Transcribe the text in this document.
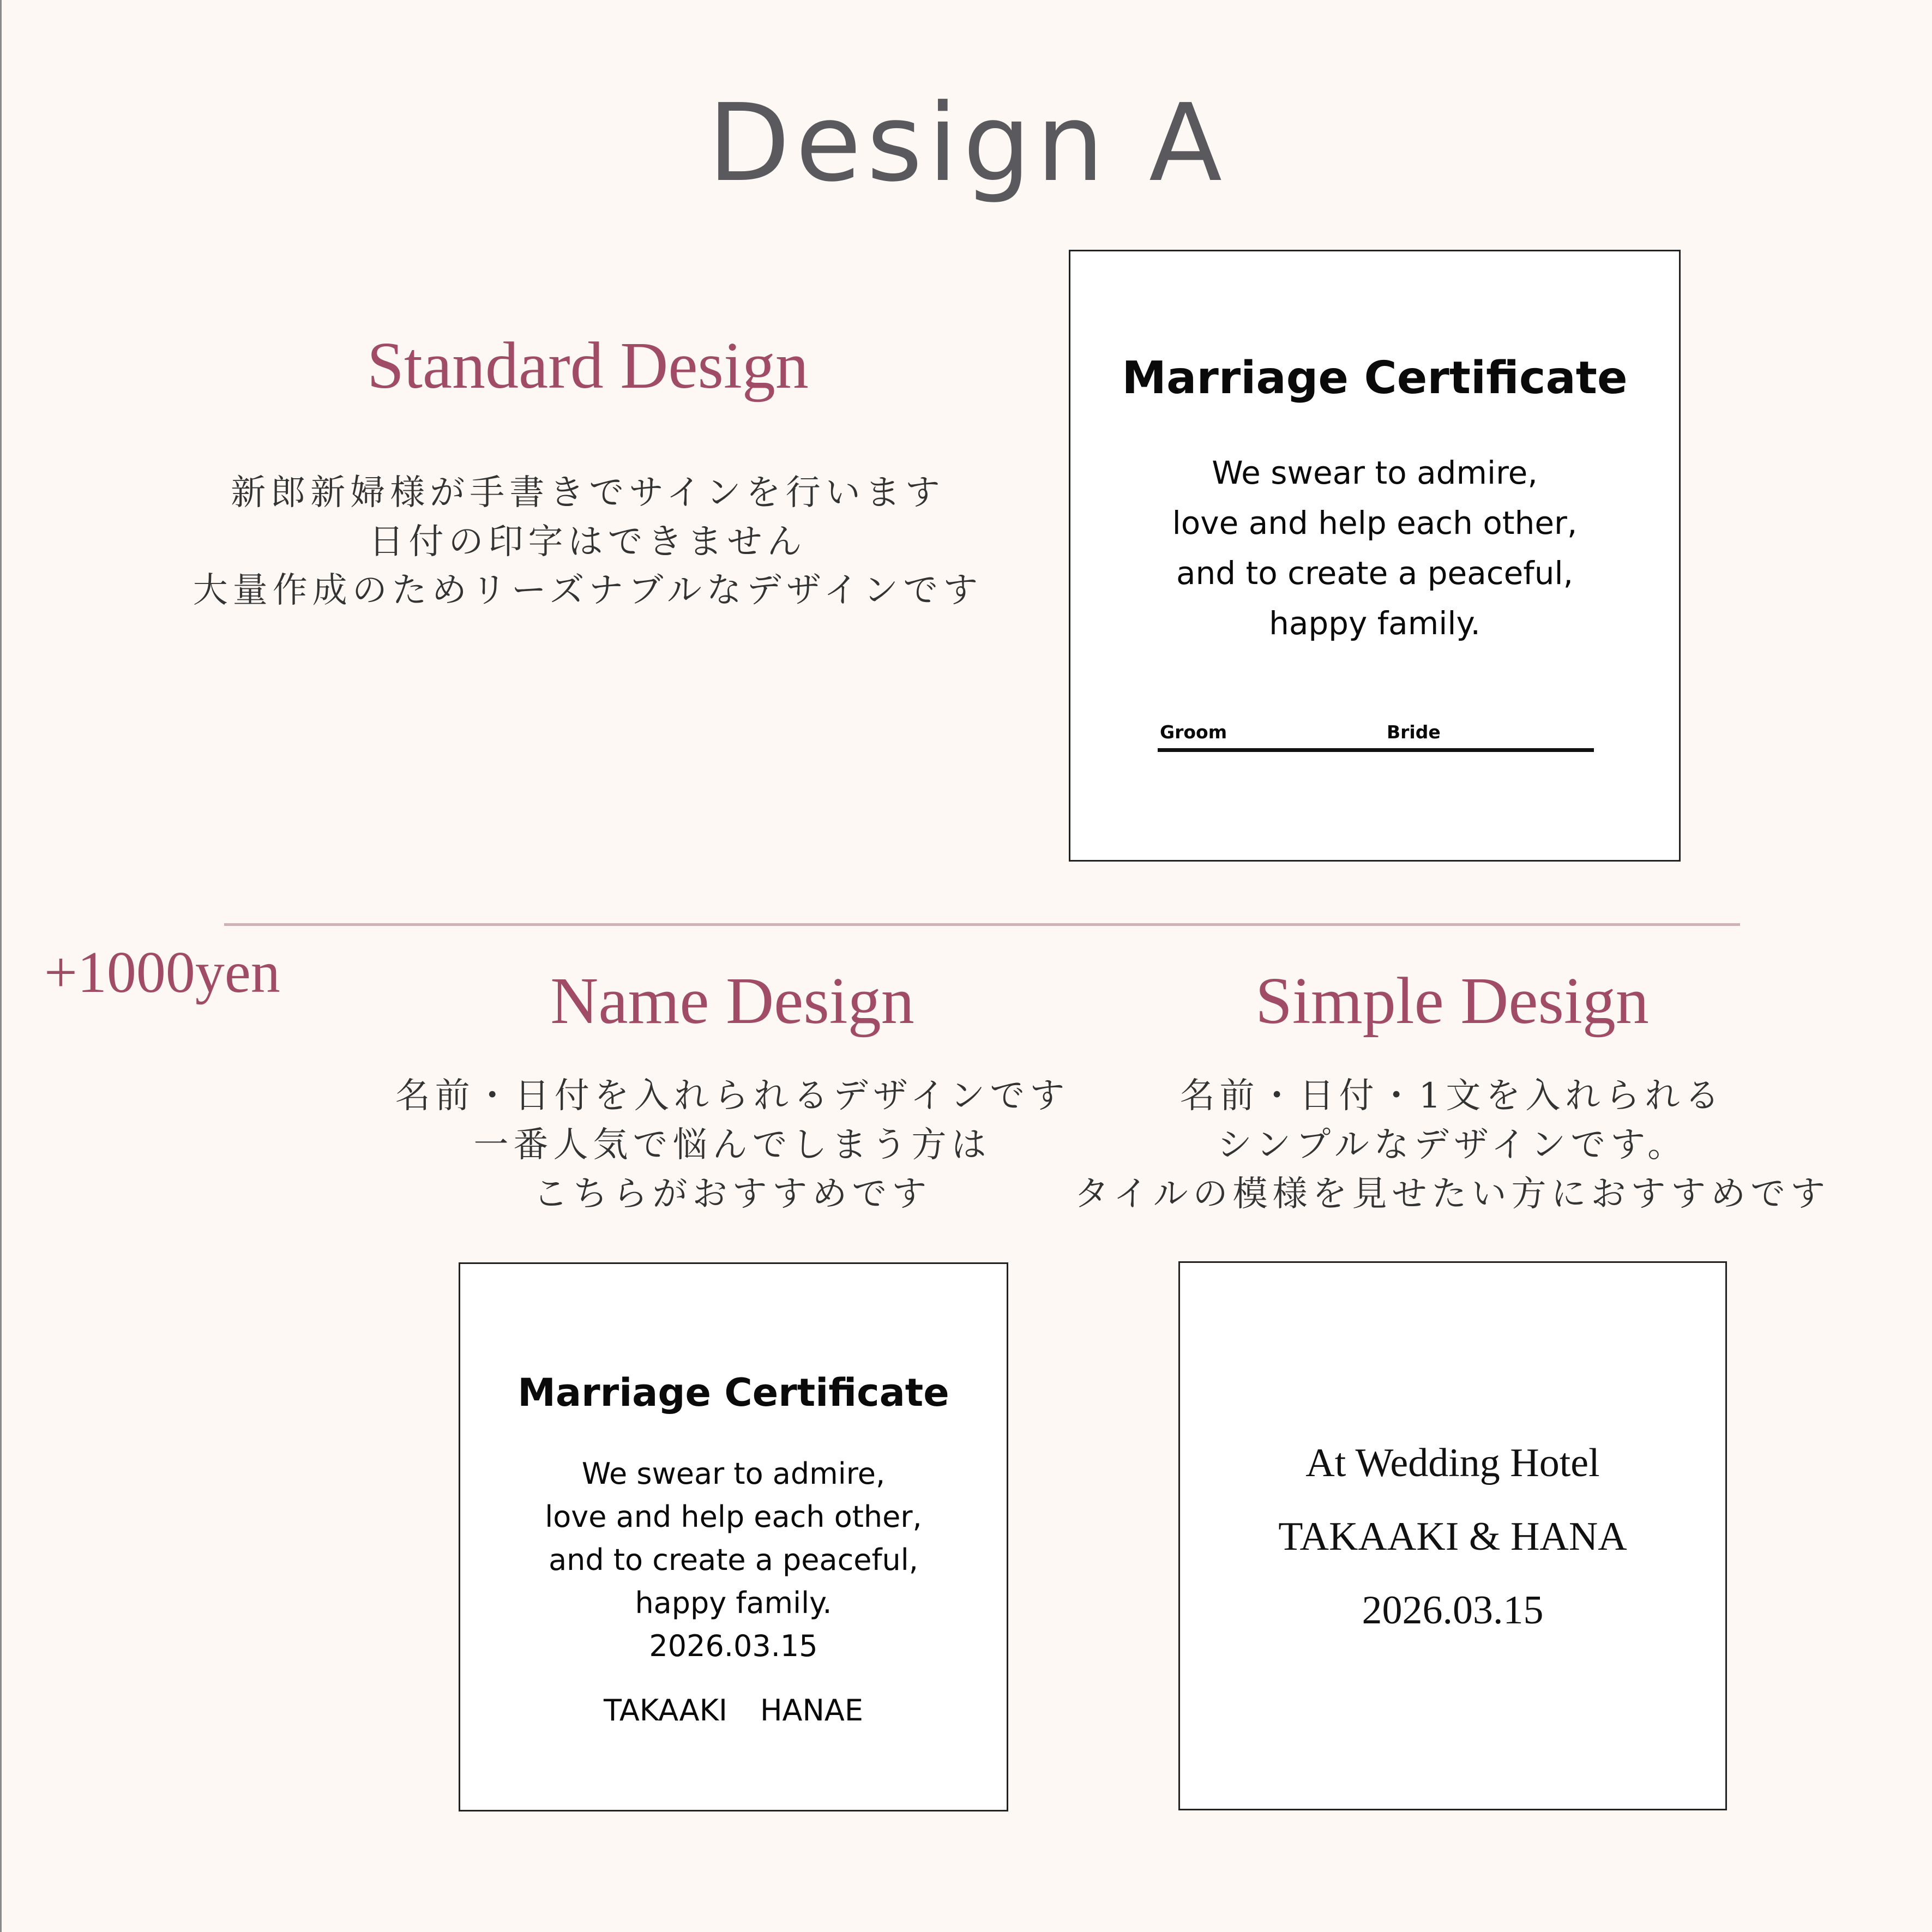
Design A
Standard Design
新郎新婦様が手書きでサインを行います
日付の印字はできません
大量作成のためリーズナブルなデザインです
Marriage Certificate
We swear to admire,
love and help each other,
and to create a peaceful,
happy family.
Groom	Bride
+1000yen	Name Design
名前・日付を入れられるデザインです
一番人気で悩んでしまう方は
こちらがおすすめです
Marriage Certificate
We swear to admire,
love and help each other,
and to create a peaceful,
happy family.
2026.03.15
TAKAAKI HANAE
Simple Design
名前・日付・1文を入れられる
シンプルなデザインです。
タイルの模様を見せたい方におすすめです
At Wedding Hotel
TAKAAKI & HANA
2026.03.15
